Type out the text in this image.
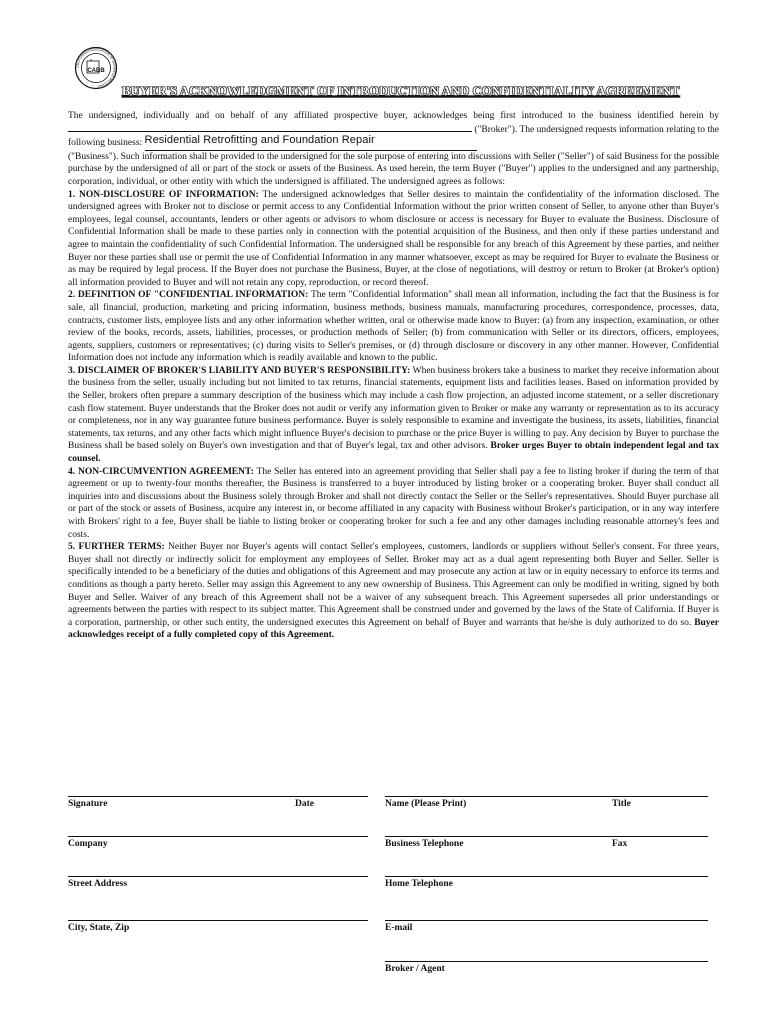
CALIFORNIA ASSOCIATION OF BUSINESS BROKERS
CABB
BUYER'S ACKNOWLEDGMENT OF INTRODUCTION AND CONFIDENTIALITY AGREEMENT

The undersigned, individually and on behalf of any affiliated prospective buyer, acknowledges being first introduced to the business identified herein by  ("Broker"). The undersigned requests information relating to the following business: Residential Retrofitting and Foundation Repair
("Business"). Such information shall be provided to the undersigned for the sole purpose of entering into discussions with Seller ("Seller") of said Business for the possible purchase by the undersigned of all or part of the stock or assets of the Business. As used herein, the term Buyer ("Buyer") applies to the undersigned and any partnership, corporation, individual, or other entity with which the undersigned is affiliated. The undersigned agrees as follows:

1. NON-DISCLOSURE OF INFORMATION: The undersigned acknowledges that Seller desires to maintain the confidentiality of the information disclosed. The undersigned agrees with Broker not to disclose or permit access to any Confidential Information without the prior written consent of Seller, to anyone other than Buyer's employees, legal counsel, accountants, lenders or other agents or advisors to whom disclosure or access is necessary for Buyer to evaluate the Business. Disclosure of Confidential Information shall be made to these parties only in connection with the potential acquisition of the Business, and then only if these parties understand and agree to maintain the confidentiality of such Confidential Information. The undersigned shall be responsible for any breach of this Agreement by these parties, and neither Buyer nor these parties shall use or permit the use of Confidential Information in any manner whatsoever, except as may be required for Buyer to evaluate the Business or as may be required by legal process. If the Buyer does not purchase the Business, Buyer, at the close of negotiations, will destroy or return to Broker (at Broker's option) all information provided to Buyer and will not retain any copy, reproduction, or record thereof.

2. DEFINITION OF "CONFIDENTIAL INFORMATION: The term "Confidential Information" shall mean all information, including the fact that the Business is for sale, all financial, production, marketing and pricing information, business methods, business manuals, manufacturing procedures, correspondence, processes, data, contracts, customer lists, employee lists and any other information whether written, oral or otherwise made know to Buyer: (a) from any inspection, examination, or other review of the books, records, assets, liabilities, processes, or production methods of Seller; (b) from communication with Seller or its directors, officers, employees, agents, suppliers, customers or representatives; (c) during visits to Seller's premises, or (d) through disclosure or discovery in any other manner. However, Confidential Information does not include any information which is readily available and known to the public.

3. DISCLAIMER OF BROKER'S LIABILITY AND BUYER'S RESPONSIBILITY: When business brokers take a business to market they receive information about the business from the seller, usually including but not limited to tax returns, financial statements, equipment lists and facilities leases. Based on information provided by the Seller, brokers often prepare a summary description of the business which may include a cash flow projection, an adjusted income statement, or a seller discretionary cash flow statement. Buyer understands that the Broker does not audit or verify any information given to Broker or make any warranty or representation as to its accuracy or completeness, nor in any way guarantee future business performance. Buyer is solely responsible to examine and investigate the business, its assets, liabilities, financial statements, tax returns, and any other facts which might influence Buyer's decision to purchase or the price Buyer is willing to pay. Any decision by Buyer to purchase the Business shall be based solely on Buyer's own investigation and that of Buyer's legal, tax and other advisors. Broker urges Buyer to obtain independent legal and tax counsel.

4. NON-CIRCUMVENTION AGREEMENT: The Seller has entered into an agreement providing that Seller shall pay a fee to listing broker if during the term of that agreement or up to twenty-four months thereafter, the Business is transferred to a buyer introduced by listing broker or a cooperating broker. Buyer shall conduct all inquiries into and discussions about the Business solely through Broker and shall not directly contact the Seller or the Seller's representatives. Should Buyer purchase all or part of the stock or assets of Business, acquire any interest in, or become affiliated in any capacity with Business without Broker's participation, or in any way interfere with Brokers' right to a fee, Buyer shall be liable to listing broker or cooperating broker for such a fee and any other damages including reasonable attorney's fees and costs.

5. FURTHER TERMS: Neither Buyer nor Buyer's agents will contact Seller's employees, customers, landlords or suppliers without Seller's consent. For three years, Buyer shall not directly or indirectly solicit for employment any employees of Seller. Broker may act as a dual agent representing both Buyer and Seller. Seller is specifically intended to be a beneficiary of the duties and obligations of this Agreement and may prosecute any action at law or in equity necessary to enforce its terms and conditions as though a party hereto. Seller may assign this Agreement to any new ownership of Business. This Agreement can only be modified in writing, signed by both Buyer and Seller. Waiver of any breach of this Agreement shall not be a waiver of any subsequent breach. This Agreement supersedes all prior understandings or agreements between the parties with respect to its subject matter. This Agreement shall be construed under and governed by the laws of the State of California. If Buyer is a corporation, partnership, or other such entity, the undersigned executes this Agreement on behalf of Buyer and warrants that he/she is duly authorized to do so. Buyer acknowledges receipt of a fully completed copy of this Agreement.

Signature	Date	Name (Please Print)	Title
Company	Business Telephone	Fax
Street Address	Home Telephone
City, State, Zip	E-mail
Broker / Agent
